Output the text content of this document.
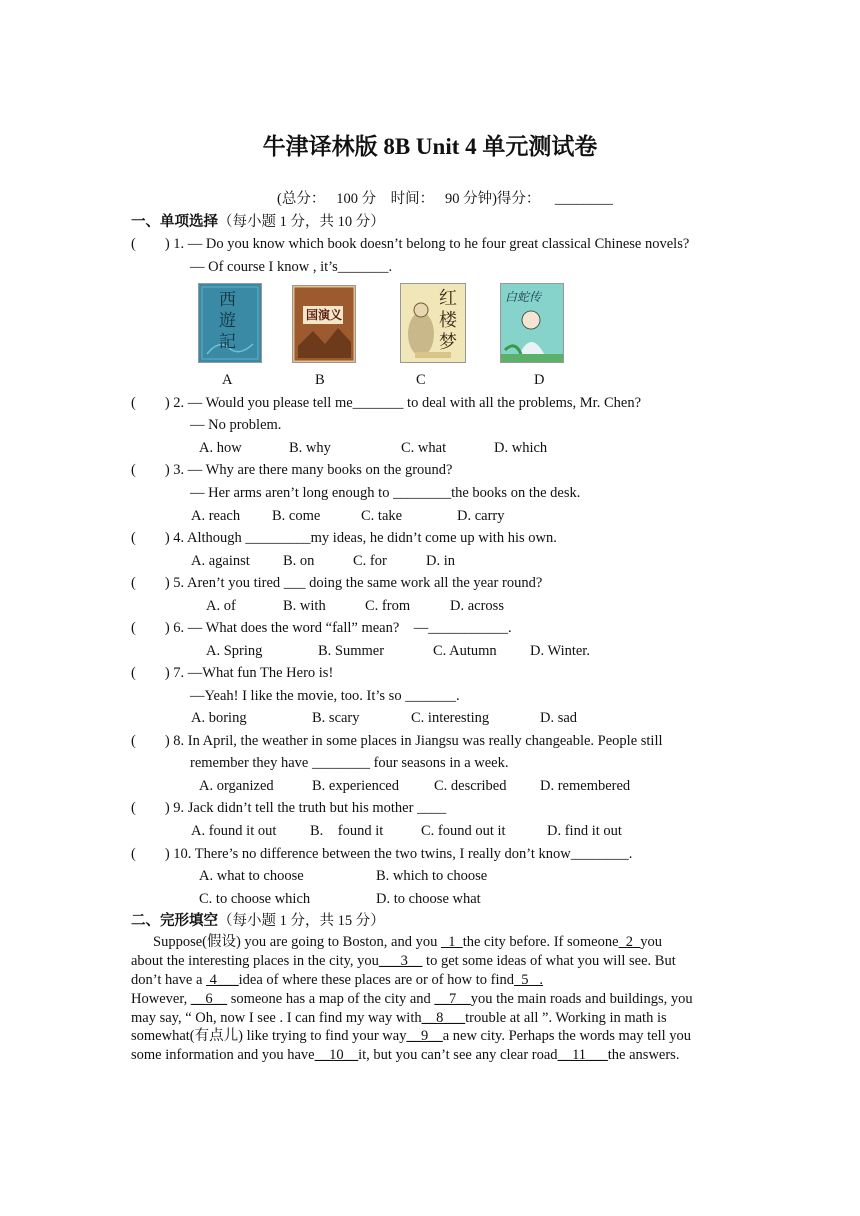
牛津译林版 8B Unit 4 单元测试卷
(总分：   100 分    时间：   90 分钟)得分：    ________
一、单项选择（每小题 1 分，共 10 分）
(        ) 1. — Do you know which book doesn’t belong to he four great classical Chinese novels?
— Of course I know , it’s_______.
西遊記
国演义
红楼梦
白蛇传
A	B	C	D
(        ) 2. — Would you please tell me_______ to deal with all the problems, Mr. Chen?
— No problem.
A. how	B. why	C. what	D. which
(        ) 3. — Why are there many books on the ground?
— Her arms aren’t long enough to ________the books on the desk.
A. reach B. come	C. take	D. carry
(        ) 4. Although _________my ideas, he didn’t come up with his own.
A. against B. on	C. for	D. in
(        ) 5. Aren’t you tired ___ doing the same work all the year round?
A. of	B. with	C. from	D. across
(        ) 6. — What does the word “fall” mean?    —___________.
A. Spring	B. Summer	C. Autumn D. Winter.
(        ) 7. —What fun The Hero is!
—Yeah! I like the movie, too. It’s so _______.
A. boring	B. scary	C. interesting	D. sad
(        ) 8. In April, the weather in some places in Jiangsu was really changeable. People still
remember they have ________ four seasons in a week.
A. organized	B. experienced C. described D. remembered
(        ) 9. Jack didn’t tell the truth but his mother ____
A. found it out B.    found it	C. found out it	D. find it out
(        ) 10. There’s no difference between the two twins, I really don’t know________.
A. what to choose	B. which to choose
C. to choose which	D. to choose what
二、完形填空（每小题 1 分，共 15 分）
Suppose(假设) you are going to Boston, and you   1  the city before. If someone  2  you
about the interesting places in the city, you___3__ to get some ideas of what you will see. But
don’t have a  4___idea of where these places are or of how to find  5   .
However, __6__ someone has a map of the city and __7__you the main roads and buildings, you
may say, “ Oh, now I see . I can find my way with__8___trouble at all ”. Working in math is
somewhat(有点儿) like trying to find your way__9__a new city. Perhaps the words may tell you
some information and you have__10__it, but you can’t see any clear road__11___the answers.
